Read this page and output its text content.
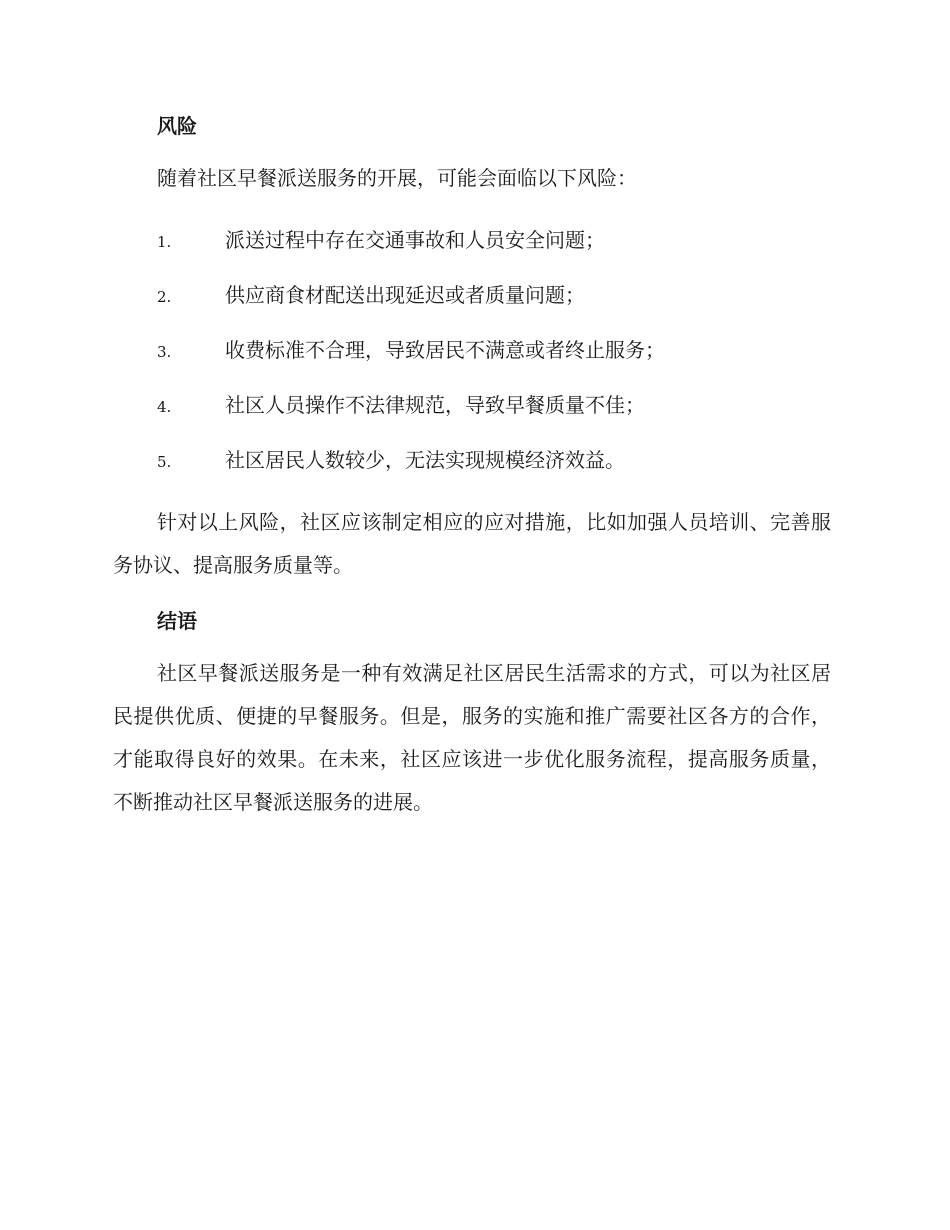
风险

随着社区早餐派送服务的开展，可能会面临以下风险：

1.	派送过程中存在交通事故和人员安全问题；
2.	供应商食材配送出现延迟或者质量问题；
3.	收费标准不合理，导致居民不满意或者终止服务；
4.	社区人员操作不法律规范，导致早餐质量不佳；
5.	社区居民人数较少，无法实现规模经济效益。

针对以上风险，社区应该制定相应的应对措施，比如加强人员培训、完善服务协议、提高服务质量等。

结语

社区早餐派送服务是一种有效满足社区居民生活需求的方式，可以为社区居民提供优质、便捷的早餐服务。但是，服务的实施和推广需要社区各方的合作，才能取得良好的效果。在未来，社区应该进一步优化服务流程，提高服务质量，不断推动社区早餐派送服务的进展。
